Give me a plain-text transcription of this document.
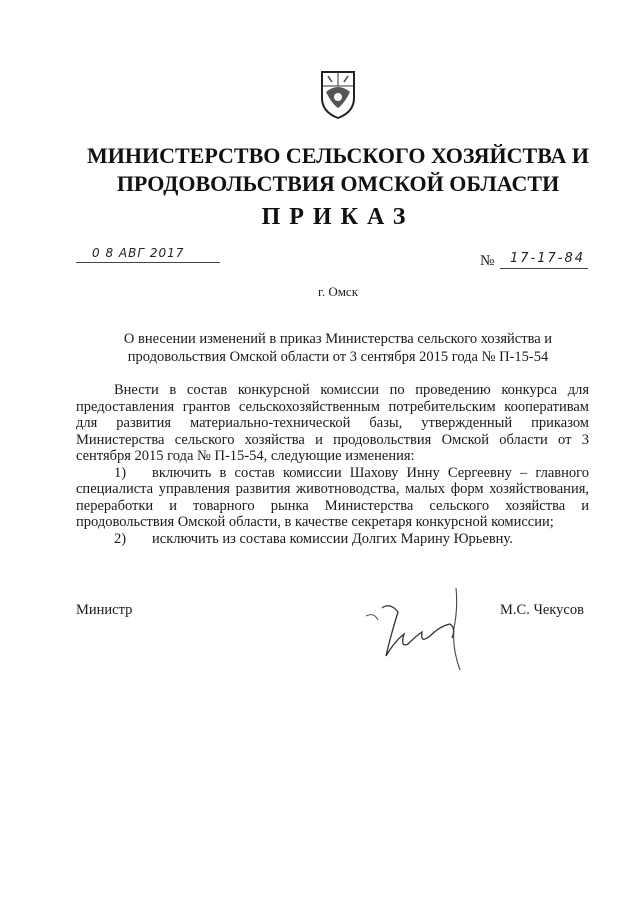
МИНИСТЕРСТВО СЕЛЬСКОГО ХОЗЯЙСТВА И
ПРОДОВОЛЬСТВИЯ ОМСКОЙ ОБЛАСТИ
ПРИКАЗ
0 8 АВГ 2017	№ 17-17-84
г. Омск
О внесении изменений в приказ Министерства сельского хозяйства и
продовольствия Омской области от 3 сентября 2015 года № П-15-54

Внести в состав конкурсной комиссии по проведению конкурса для предоставления грантов сельскохозяйственным потребительским кооперативам для развития материально-технической базы, утвержденный приказом Министерства сельского хозяйства и продовольствия Омской области от 3 сентября 2015 года № П-15-54, следующие изменения:

1) включить в состав комиссии Шахову Инну Сергеевну – главного специалиста управления развития животноводства, малых форм хозяйствования, переработки и товарного рынка Министерства сельского хозяйства и продовольствия Омской области, в качестве секретаря конкурсной комиссии;

2) исключить из состава комиссии Долгих Марину Юрьевну.

Министр	М.С. Чекусов
